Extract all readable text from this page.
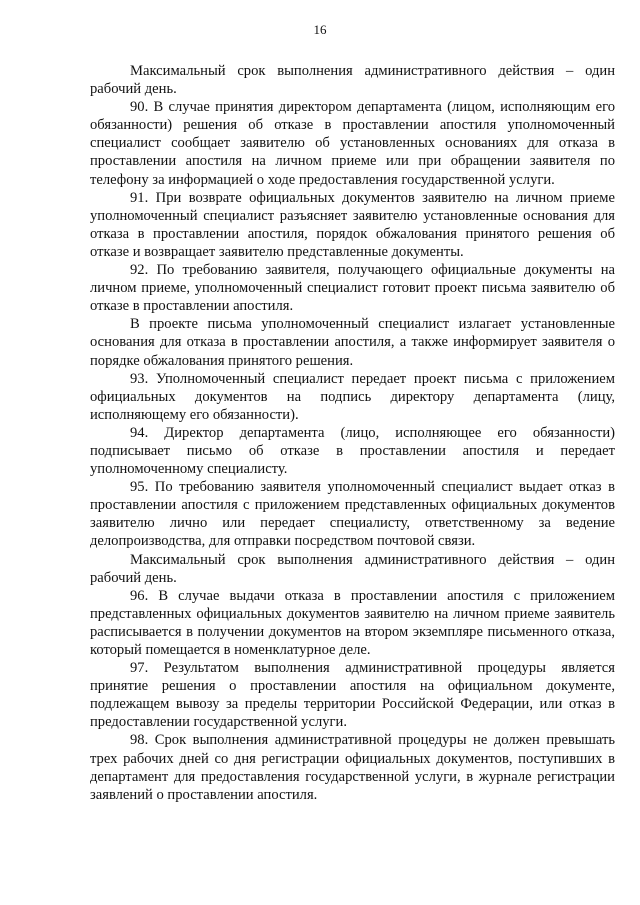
16

Максимальный срок выполнения административного действия – один рабочий день.

90. В случае принятия директором департамента (лицом, исполняющим его обязанности) решения об отказе в проставлении апостиля уполномоченный специалист сообщает заявителю об установленных основаниях для отказа в проставлении апостиля на личном приеме или при обращении заявителя по телефону за информацией о ходе предоставления государственной услуги.

91. При возврате официальных документов заявителю на личном приеме уполномоченный специалист разъясняет заявителю установленные основания для отказа в проставлении апостиля, порядок обжалования принятого решения об отказе и возвращает заявителю представленные документы.

92. По требованию заявителя, получающего официальные документы на личном приеме, уполномоченный специалист готовит проект письма заявителю об отказе в проставлении апостиля.

В проекте письма уполномоченный специалист излагает установленные основания для отказа в проставлении апостиля, а также информирует заявителя о порядке обжалования принятого решения.

93. Уполномоченный специалист передает проект письма с приложением официальных документов на подпись директору департамента (лицу, исполняющему его обязанности).

94. Директор департамента (лицо, исполняющее его обязанности) подписывает письмо об отказе в проставлении апостиля и передает уполномоченному специалисту.

95. По требованию заявителя уполномоченный специалист выдает отказ в проставлении апостиля с приложением представленных официальных документов заявителю лично или передает специалисту, ответственному за ведение делопроизводства, для отправки посредством почтовой связи.

Максимальный срок выполнения административного действия – один рабочий день.

96. В случае выдачи отказа в проставлении апостиля с приложением представленных официальных документов заявителю на личном приеме заявитель расписывается в получении документов на втором экземпляре письменного отказа, который помещается в номенклатурное деле.

97. Результатом выполнения административной процедуры является принятие решения о проставлении апостиля на официальном документе, подлежащем вывозу за пределы территории Российской Федерации, или отказ в предоставлении государственной услуги.

98. Срок выполнения административной процедуры не должен превышать трех рабочих дней со дня регистрации официальных документов, поступивших в департамент для предоставления государственной услуги, в журнале регистрации заявлений о проставлении апостиля.
